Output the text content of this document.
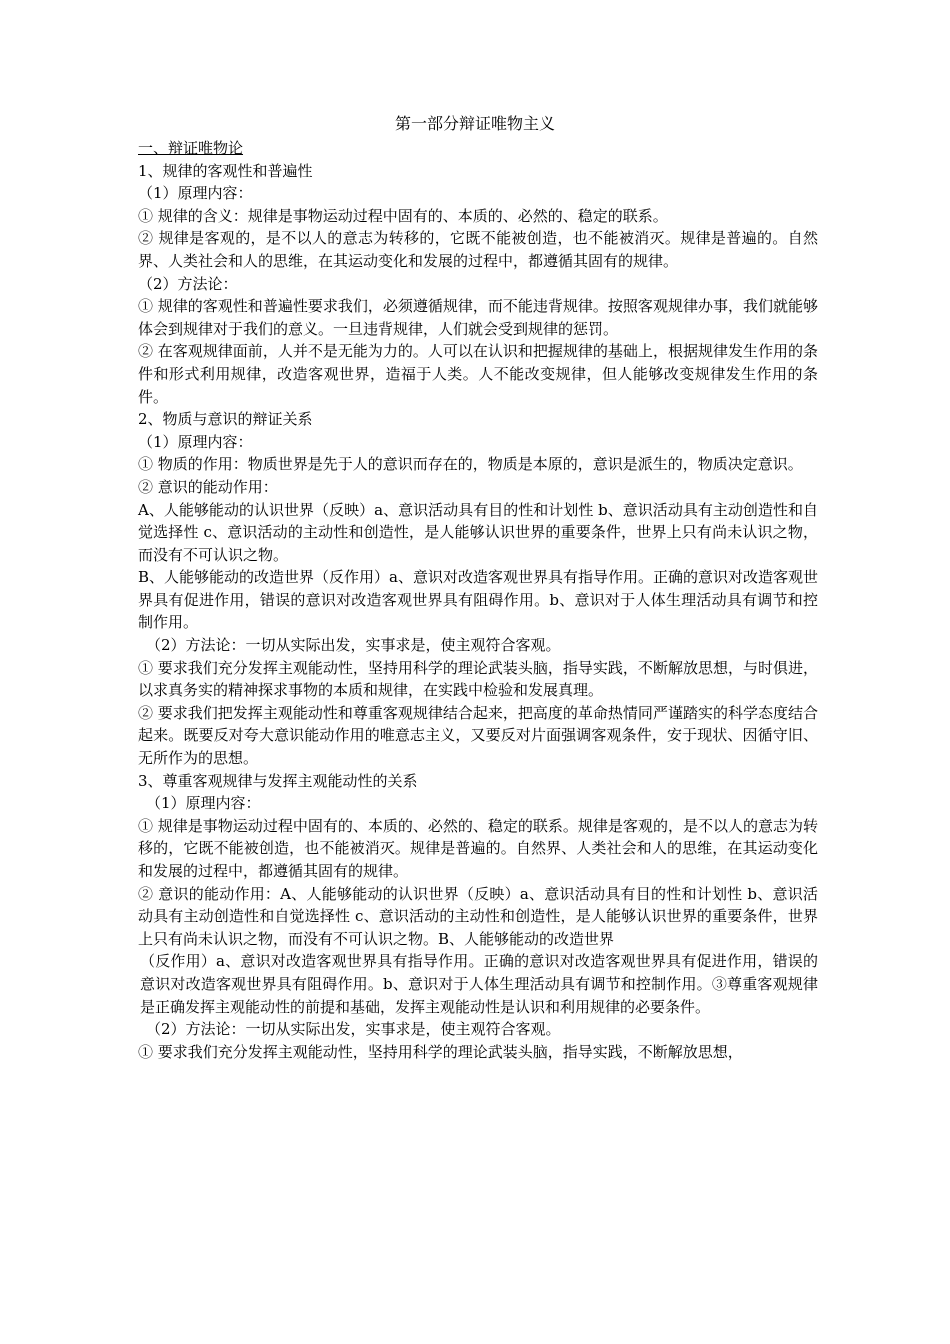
第一部分辩证唯物主义

一、辩证唯物论

1、规律的客观性和普遍性

（1）原理内容：

① 规律的含义：规律是事物运动过程中固有的、本质的、必然的、稳定的联系。

② 规律是客观的，是不以人的意志为转移的，它既不能被创造，也不能被消灭。规律是普遍的。自然界、人类社会和人的思维，在其运动变化和发展的过程中，都遵循其固有的规律。

（2）方法论：

① 规律的客观性和普遍性要求我们，必须遵循规律，而不能违背规律。按照客观规律办事，我们就能够体会到规律对于我们的意义。一旦违背规律，人们就会受到规律的惩罚。

② 在客观规律面前，人并不是无能为力的。人可以在认识和把握规律的基础上，根据规律发生作用的条件和形式利用规律，改造客观世界，造福于人类。人不能改变规律，但人能够改变规律发生作用的条件。

2、物质与意识的辩证关系

（1）原理内容：

① 物质的作用：物质世界是先于人的意识而存在的，物质是本原的，意识是派生的，物质决定意识。

② 意识的能动作用：

A、人能够能动的认识世界（反映）a、意识活动具有目的性和计划性 b、意识活动具有主动创造性和自觉选择性 c、意识活动的主动性和创造性，是人能够认识世界的重要条件，世界上只有尚未认识之物，而没有不可认识之物。

B、人能够能动的改造世界（反作用）a、意识对改造客观世界具有指导作用。正确的意识对改造客观世界具有促进作用，错误的意识对改造客观世界具有阻碍作用。b、意识对于人体生理活动具有调节和控制作用。

（2）方法论：一切从实际出发，实事求是，使主观符合客观。

① 要求我们充分发挥主观能动性，坚持用科学的理论武装头脑，指导实践，不断解放思想，与时俱进，以求真务实的精神探求事物的本质和规律，在实践中检验和发展真理。

② 要求我们把发挥主观能动性和尊重客观规律结合起来，把高度的革命热情同严谨踏实的科学态度结合起来。既要反对夸大意识能动作用的唯意志主义，又要反对片面强调客观条件，安于现状、因循守旧、无所作为的思想。

3、尊重客观规律与发挥主观能动性的关系

（1）原理内容：

① 规律是事物运动过程中固有的、本质的、必然的、稳定的联系。规律是客观的，是不以人的意志为转移的，它既不能被创造，也不能被消灭。规律是普遍的。自然界、人类社会和人的思维，在其运动变化和发展的过程中，都遵循其固有的规律。

② 意识的能动作用：A、人能够能动的认识世界（反映）a、意识活动具有目的性和计划性 b、意识活动具有主动创造性和自觉选择性 c、意识活动的主动性和创造性，是人能够认识世界的重要条件，世界上只有尚未认识之物，而没有不可认识之物。B、人能够能动的改造世界

（反作用）a、意识对改造客观世界具有指导作用。正确的意识对改造客观世界具有促进作用，错误的意识对改造客观世界具有阻碍作用。b、意识对于人体生理活动具有调节和控制作用。③尊重客观规律是正确发挥主观能动性的前提和基础，发挥主观能动性是认识和利用规律的必要条件。

（2）方法论：一切从实际出发，实事求是，使主观符合客观。

① 要求我们充分发挥主观能动性，坚持用科学的理论武装头脑，指导实践，不断解放思想，
